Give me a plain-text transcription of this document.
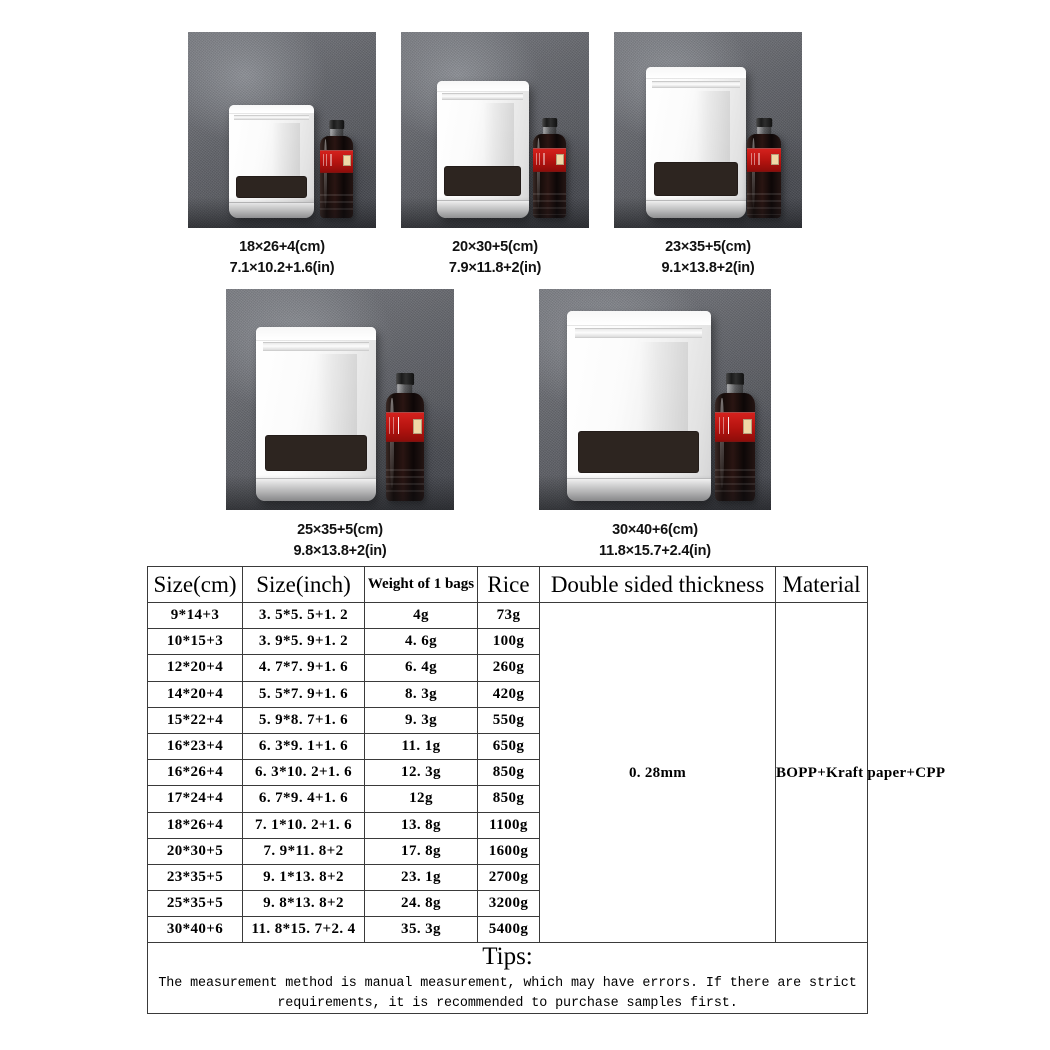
18×26+4(cm)
7.1×10.2+1.6(in)
20×30+5(cm)
7.9×11.8+2(in)
23×35+5(cm)
9.1×13.8+2(in)
25×35+5(cm)
9.8×13.8+2(in)
30×40+6(cm)
11.8×15.7+2.4(in)
Size(cm)	Size(inch)	Weight of 1 bags	Rice	Double sided thickness	Material
9*14+3	3. 5*5. 5+1. 2	4g	73g	0. 28mm	BOPP+Kraft paper+CPP
10*15+3	3. 9*5. 9+1. 2	4. 6g	100g		
12*20+4	4. 7*7. 9+1. 6	6. 4g	260g		
14*20+4	5. 5*7. 9+1. 6	8. 3g	420g		
15*22+4	5. 9*8. 7+1. 6	9. 3g	550g		
16*23+4	6. 3*9. 1+1. 6	11. 1g	650g		
16*26+4	6. 3*10. 2+1. 6	12. 3g	850g		
17*24+4	6. 7*9. 4+1. 6	12g	850g		
18*26+4	7. 1*10. 2+1. 6	13. 8g	1100g		
20*30+5	7. 9*11. 8+2	17. 8g	1600g		
23*35+5	9. 1*13. 8+2	23. 1g	2700g		
25*35+5	9. 8*13. 8+2	24. 8g	3200g		
30*40+6	11. 8*15. 7+2. 4	35. 3g	5400g		

Tips:
The measurement method is manual measurement, which may have errors. If there are strict
requirements, it is recommended to purchase samples first.					
